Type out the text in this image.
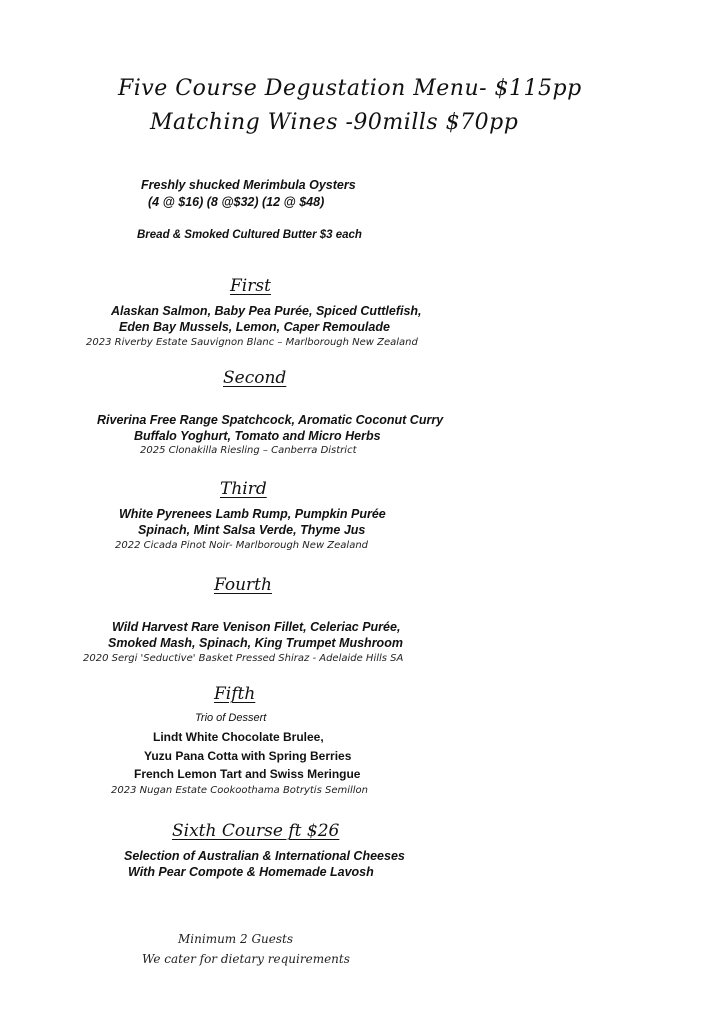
Five Course Degustation Menu- $115pp
Matching Wines -90mills $70pp
Freshly shucked Merimbula Oysters
(4 @ $16) (8 @$32) (12 @ $48)
Bread & Smoked Cultured Butter $3 each
First
Alaskan Salmon, Baby Pea Purée, Spiced Cuttlefish,
Eden Bay Mussels, Lemon, Caper Remoulade
2023 Riverby Estate Sauvignon Blanc – Marlborough New Zealand
Second
Riverina Free Range Spatchcock, Aromatic Coconut Curry
Buffalo Yoghurt, Tomato and Micro Herbs
2025 Clonakilla Riesling – Canberra District
Third
White Pyrenees Lamb Rump, Pumpkin Purée
Spinach, Mint Salsa Verde, Thyme Jus
2022 Cicada Pinot Noir- Marlborough New Zealand
Fourth
Wild Harvest Rare Venison Fillet, Celeriac Purée,
Smoked Mash, Spinach, King Trumpet Mushroom
2020 Sergi 'Seductive' Basket Pressed Shiraz - Adelaide Hills SA
Fifth
Trio of Dessert
Lindt White Chocolate Brulee,
Yuzu Pana Cotta with Spring Berries
French Lemon Tart and Swiss Meringue
2023 Nugan Estate Cookoothama Botrytis Semillon
Sixth Course ft $26
Selection of Australian & International Cheeses
With Pear Compote & Homemade Lavosh
Minimum 2 Guests
We cater for dietary requirements
